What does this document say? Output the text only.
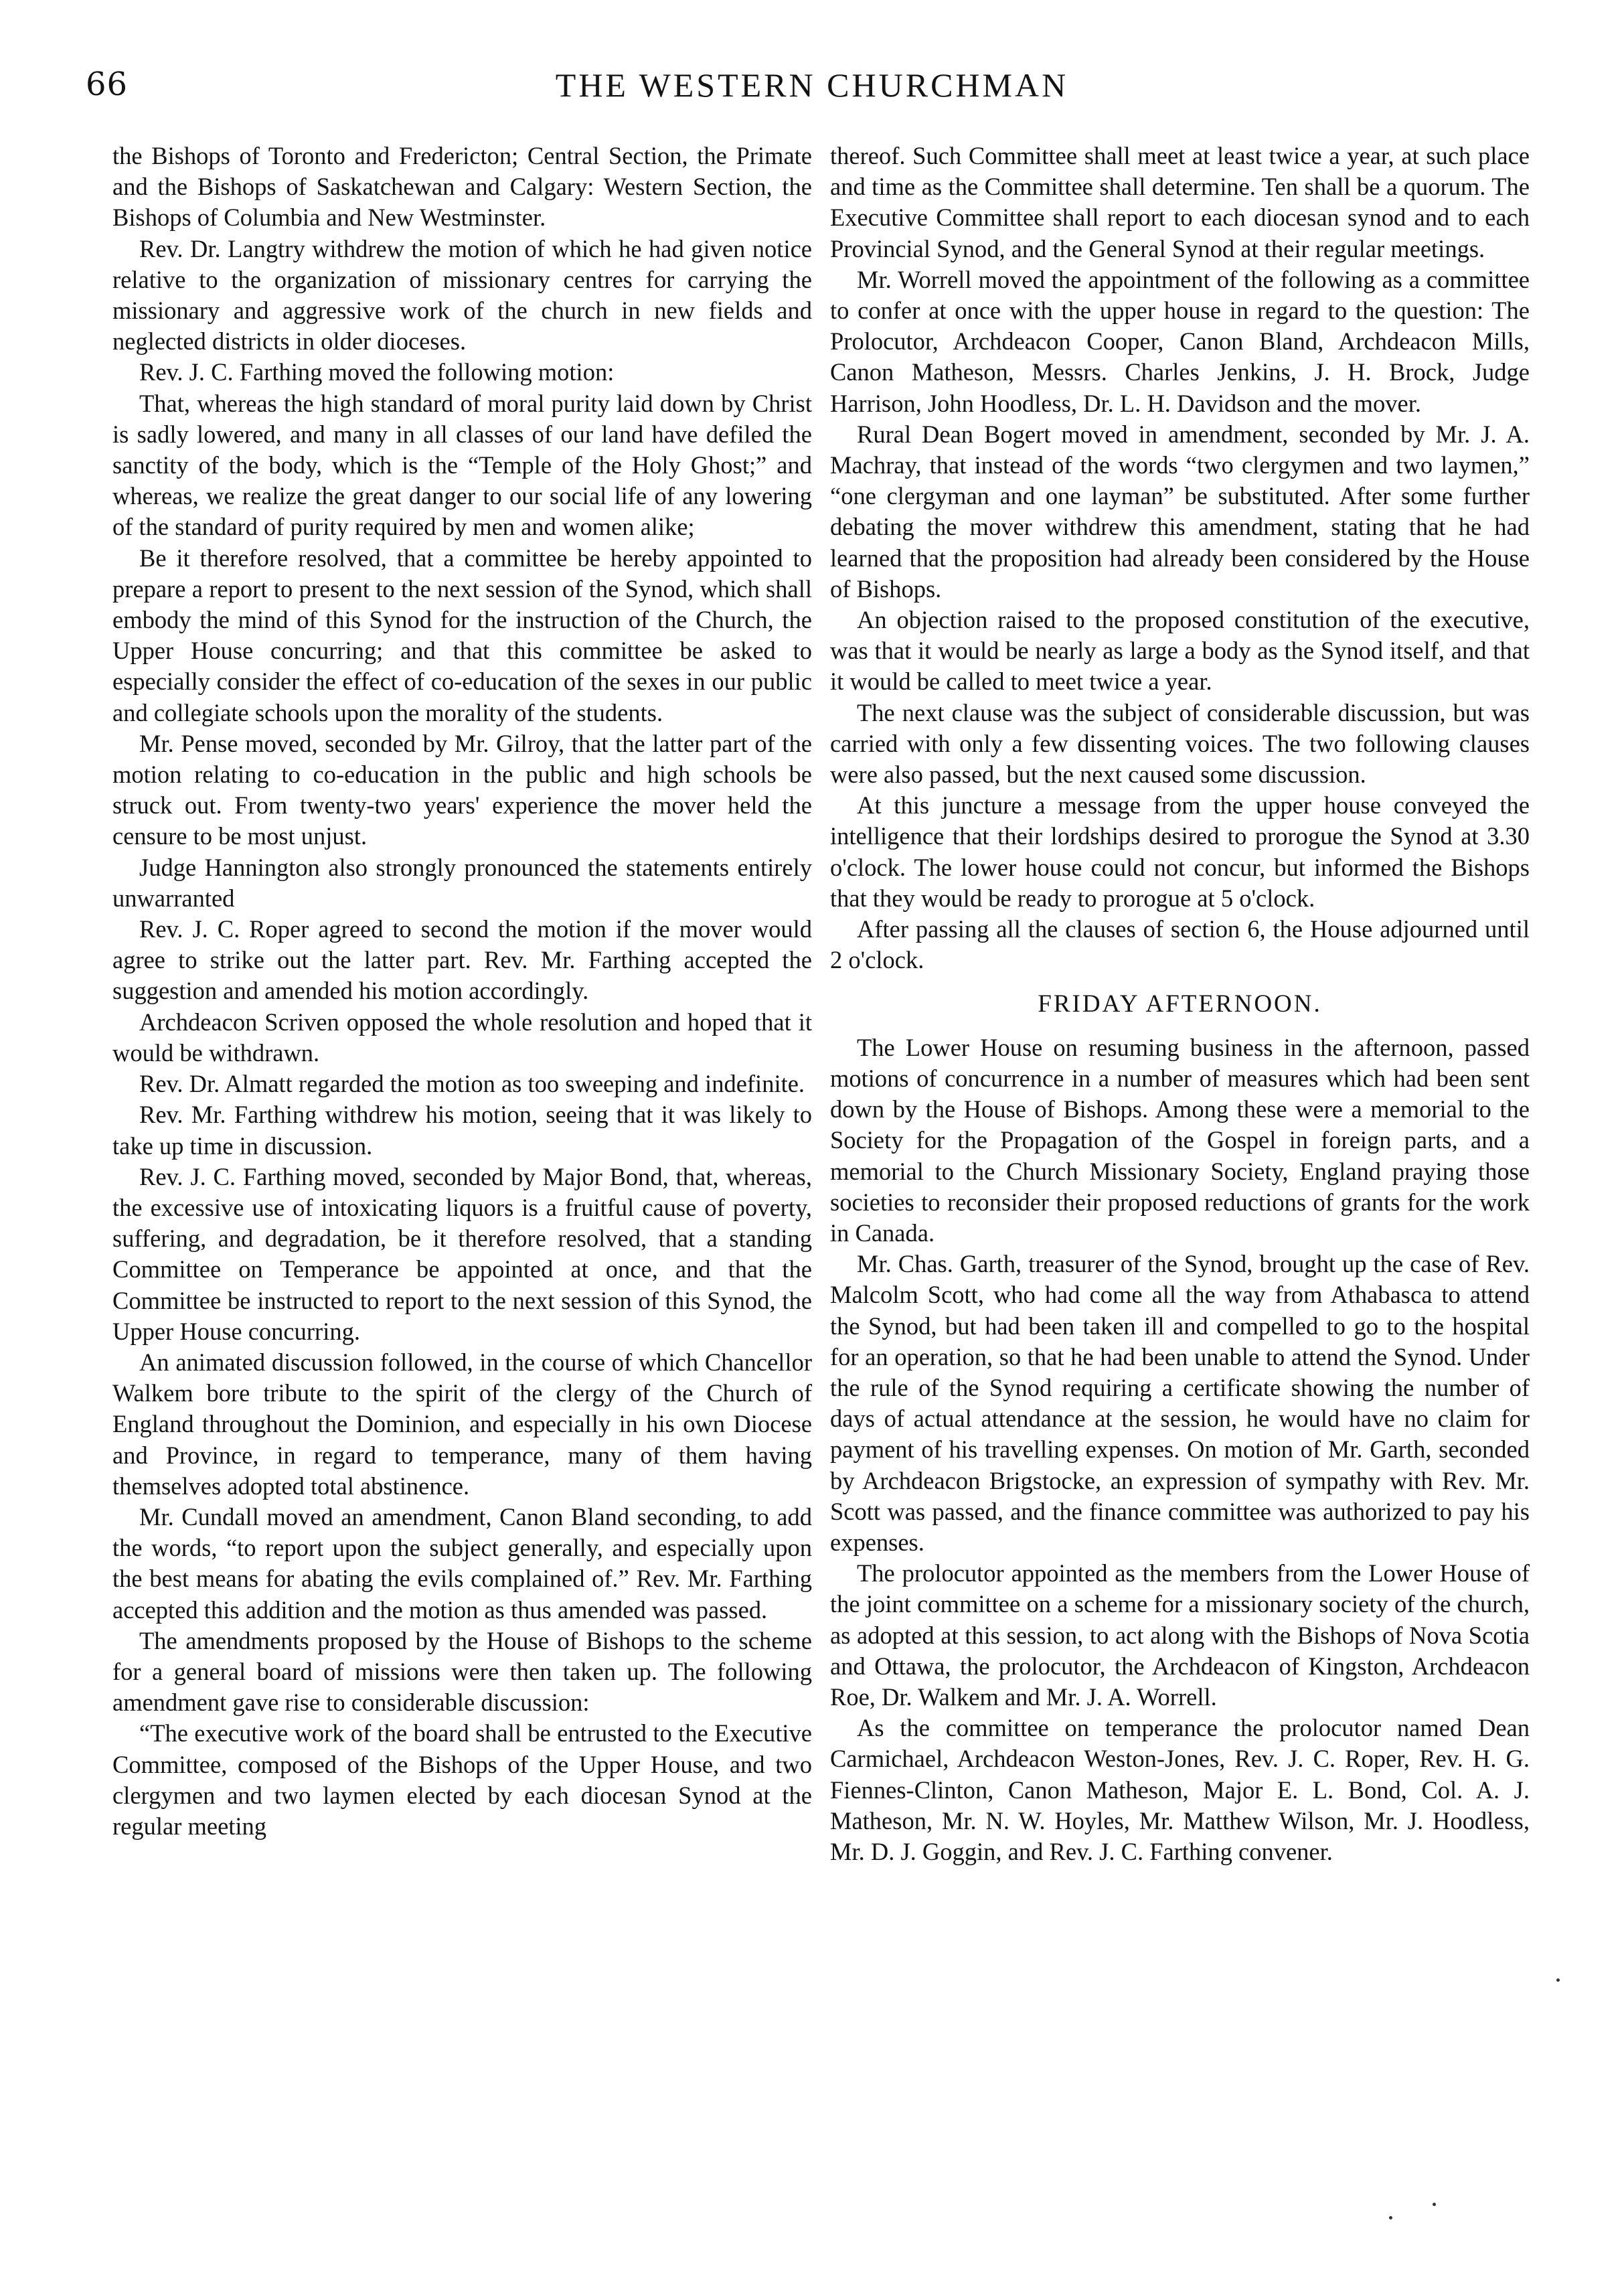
66	THE WESTERN CHURCHMAN

the Bishops of Toronto and Fredericton; Central Section, the Primate and the Bishops of Saskatchewan and Calgary: Western Section, the Bishops of Columbia and New Westminster.

Rev. Dr. Langtry withdrew the motion of which he had given notice relative to the organization of missionary centres for carrying the missionary and aggressive work of the church in new fields and neglected districts in older dioceses.

Rev. J. C. Farthing moved the following motion:

That, whereas the high standard of moral purity laid down by Christ is sadly lowered, and many in all classes of our land have defiled the sanctity of the body, which is the “Temple of the Holy Ghost;” and whereas, we realize the great danger to our social life of any lowering of the standard of purity required by men and women alike;

Be it therefore resolved, that a committee be hereby appointed to prepare a report to present to the next session of the Synod, which shall embody the mind of this Synod for the instruction of the Church, the Upper House concurring; and that this committee be asked to especially consider the effect of co-education of the sexes in our public and collegiate schools upon the morality of the students.

Mr. Pense moved, seconded by Mr. Gilroy, that the latter part of the motion relating to co-education in the public and high schools be struck out. From twenty-two years' experience the mover held the censure to be most unjust.

Judge Hannington also strongly pronounced the statements entirely unwarranted

Rev. J. C. Roper agreed to second the motion if the mover would agree to strike out the latter part. Rev. Mr. Farthing accepted the suggestion and amended his motion accordingly.

Archdeacon Scriven opposed the whole resolution and hoped that it would be withdrawn.

Rev. Dr. Almatt regarded the motion as too sweeping and indefinite.

Rev. Mr. Farthing withdrew his motion, seeing that it was likely to take up time in discussion.

Rev. J. C. Farthing moved, seconded by Major Bond, that, whereas, the excessive use of intoxicating liquors is a fruitful cause of poverty, suffering, and degradation, be it therefore resolved, that a standing Committee on Temperance be appointed at once, and that the Committee be instructed to report to the next session of this Synod, the Upper House concurring.

An animated discussion followed, in the course of which Chancellor Walkem bore tribute to the spirit of the clergy of the Church of England throughout the Dominion, and especially in his own Diocese and Province, in regard to temperance, many of them having themselves adopted total abstinence.

Mr. Cundall moved an amendment, Canon Bland seconding, to add the words, “to report upon the subject generally, and especially upon the best means for abating the evils complained of.” Rev. Mr. Farthing accepted this addition and the motion as thus amended was passed.

The amendments proposed by the House of Bishops to the scheme for a general board of missions were then taken up. The following amendment gave rise to considerable discussion:

“The executive work of the board shall be entrusted to the Executive Committee, composed of the Bishops of the Upper House, and two clergymen and two laymen elected by each diocesan Synod at the regular meeting

thereof. Such Committee shall meet at least twice a year, at such place and time as the Committee shall determine. Ten shall be a quorum. The Executive Committee shall report to each diocesan synod and to each Provincial Synod, and the General Synod at their regular meetings.

Mr. Worrell moved the appointment of the following as a committee to confer at once with the upper house in regard to the question: The Prolocutor, Archdeacon Cooper, Canon Bland, Archdeacon Mills, Canon Matheson, Messrs. Charles Jenkins, J. H. Brock, Judge Harrison, John Hoodless, Dr. L. H. Davidson and the mover.

Rural Dean Bogert moved in amendment, seconded by Mr. J. A. Machray, that instead of the words “two clergymen and two laymen,” “one clergyman and one layman” be substituted. After some further debating the mover withdrew this amendment, stating that he had learned that the proposition had already been considered by the House of Bishops.

An objection raised to the proposed constitution of the executive, was that it would be nearly as large a body as the Synod itself, and that it would be called to meet twice a year.

The next clause was the subject of considerable discussion, but was carried with only a few dissenting voices. The two following clauses were also passed, but the next caused some discussion.

At this juncture a message from the upper house conveyed the intelligence that their lordships desired to prorogue the Synod at 3.30 o'clock. The lower house could not concur, but informed the Bishops that they would be ready to prorogue at 5 o'clock.

After passing all the clauses of section 6, the House adjourned until 2 o'clock.

FRIDAY AFTERNOON.

The Lower House on resuming business in the afternoon, passed motions of concurrence in a number of measures which had been sent down by the House of Bishops. Among these were a memorial to the Society for the Propagation of the Gospel in foreign parts, and a memorial to the Church Missionary Society, England praying those societies to reconsider their proposed reductions of grants for the work in Canada.

Mr. Chas. Garth, treasurer of the Synod, brought up the case of Rev. Malcolm Scott, who had come all the way from Athabasca to attend the Synod, but had been taken ill and compelled to go to the hospital for an operation, so that he had been unable to attend the Synod. Under the rule of the Synod requiring a certificate showing the number of days of actual attendance at the session, he would have no claim for payment of his travelling expenses. On motion of Mr. Garth, seconded by Archdeacon Brigstocke, an expression of sympathy with Rev. Mr. Scott was passed, and the finance committee was authorized to pay his expenses.

The prolocutor appointed as the members from the Lower House of the joint committee on a scheme for a missionary society of the church, as adopted at this session, to act along with the Bishops of Nova Scotia and Ottawa, the prolocutor, the Archdeacon of Kingston, Archdeacon Roe, Dr. Walkem and Mr. J. A. Worrell.

As the committee on temperance the prolocutor named Dean Carmichael, Archdeacon Weston-Jones, Rev. J. C. Roper, Rev. H. G. Fiennes-Clinton, Canon Matheson, Major E. L. Bond, Col. A. J. Matheson, Mr. N. W. Hoyles, Mr. Matthew Wilson, Mr. J. Hoodless, Mr. D. J. Goggin, and Rev. J. C. Farthing convener.
